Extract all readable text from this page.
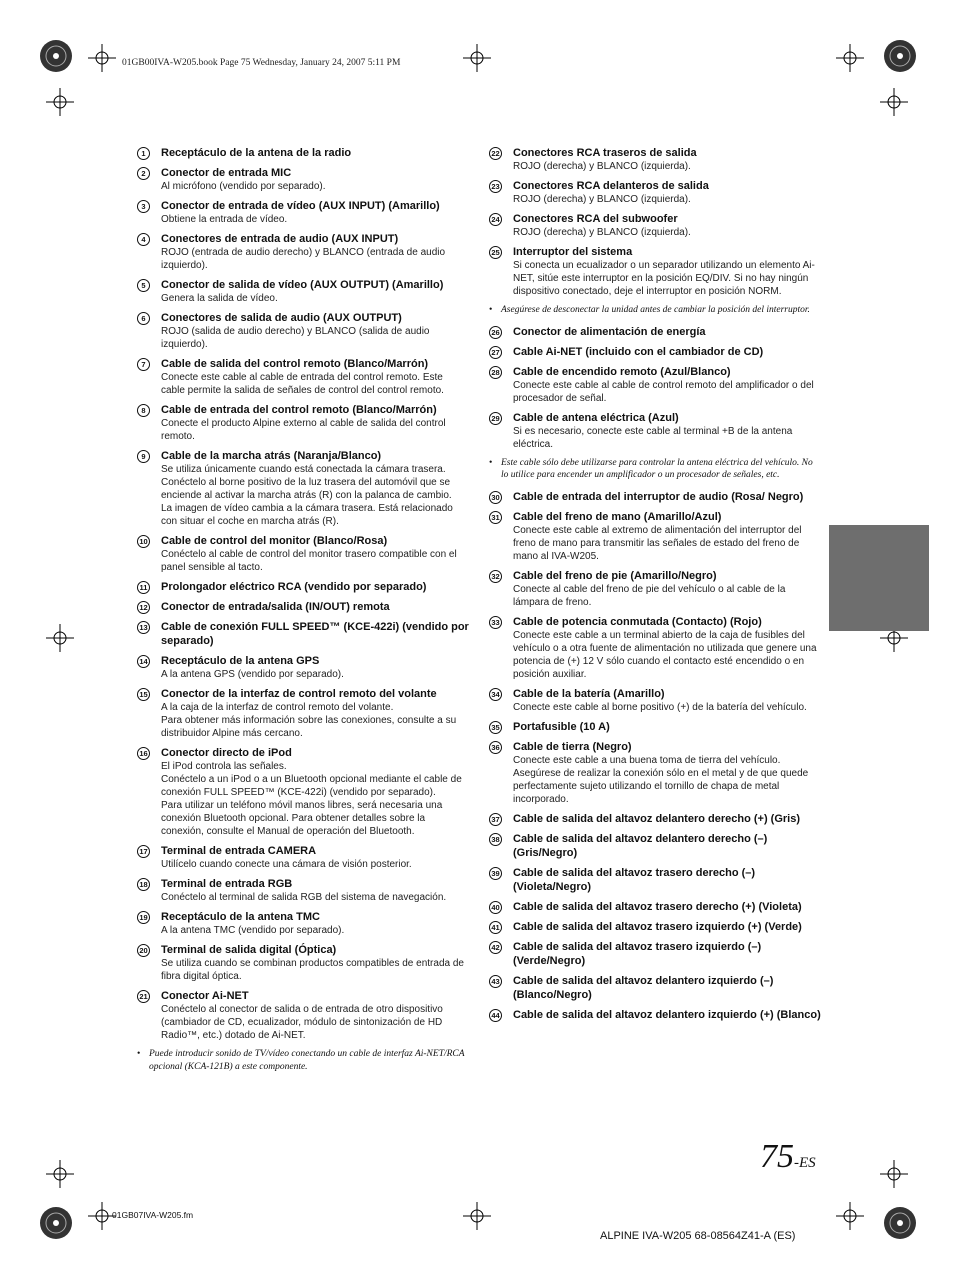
01GB00IVA-W205.book Page 75 Wednesday, January 24, 2007 5:11 PM
1	Receptáculo de la antena de la radio
2	Conector de entrada MIC
Al micrófono (vendido por separado).
3	Conector de entrada de vídeo (AUX INPUT) (Amarillo)
Obtiene la entrada de vídeo.
4	Conectores de entrada de audio (AUX INPUT)
ROJO (entrada de audio derecho) y BLANCO (entrada de audio izquierdo).
5	Conector de salida de vídeo (AUX OUTPUT) (Amarillo)
Genera la salida de vídeo.
6	Conectores de salida de audio (AUX OUTPUT)
ROJO (salida de audio derecho) y BLANCO (salida de audio izquierdo).
7	Cable de salida del control remoto (Blanco/Marrón)
Conecte este cable al cable de entrada del control remoto. Este cable permite la salida de señales de control del control remoto.
8	Cable de entrada del control remoto (Blanco/Marrón)
Conecte el producto Alpine externo al cable de salida del control remoto.
9	Cable de la marcha atrás (Naranja/Blanco)
Se utiliza únicamente cuando está conectada la cámara trasera. Conéctelo al borne positivo de la luz trasera del automóvil que se enciende al activar la marcha atrás (R) con la palanca de cambio.
La imagen de vídeo cambia a la cámara trasera. Está relacionado con situar el coche en marcha atrás (R).
10 Cable de control del monitor (Blanco/Rosa)
Conéctelo al cable de control del monitor trasero compatible con el panel sensible al tacto.
11 Prolongador eléctrico RCA (vendido por separado)
12 Conector de entrada/salida (IN/OUT) remota
13 Cable de conexión FULL SPEED™ (KCE-422i) (vendido por separado)
14 Receptáculo de la antena GPS
A la antena GPS (vendido por separado).
15 Conector de la interfaz de control remoto del volante
A la caja de la interfaz de control remoto del volante.
Para obtener más información sobre las conexiones, consulte a su distribuidor Alpine más cercano.
16 Conector directo de iPod
El iPod controla las señales.
Conéctelo a un iPod o a un Bluetooth opcional mediante el cable de conexión FULL SPEED™ (KCE-422i) (vendido por separado).
Para utilizar un teléfono móvil manos libres, será necesaria una conexión Bluetooth opcional. Para obtener detalles sobre la conexión, consulte el Manual de operación del Bluetooth.
17 Terminal de entrada CAMERA
Utilícelo cuando conecte una cámara de visión posterior.
18 Terminal de entrada RGB
Conéctelo al terminal de salida RGB del sistema de navegación.
19 Receptáculo de la antena TMC
A la antena TMC (vendido por separado).
20 Terminal de salida digital (Óptica)
Se utiliza cuando se combinan productos compatibles de entrada de fibra digital óptica.
21 Conector Ai-NET
Conéctelo al conector de salida o de entrada de otro dispositivo (cambiador de CD, ecualizador, módulo de sintonización de HD Radio™, etc.) dotado de Ai-NET.
• Puede introducir sonido de TV/vídeo conectando un cable de interfaz Ai-NET/RCA opcional (KCA-121B) a este componente.
22 Conectores RCA traseros de salida
ROJO (derecha) y BLANCO (izquierda).
23 Conectores RCA delanteros de salida
ROJO (derecha) y BLANCO (izquierda).
24 Conectores RCA del subwoofer
ROJO (derecha) y BLANCO (izquierda).
25 Interruptor del sistema
Si conecta un ecualizador o un separador utilizando un elemento Ai-NET, sitúe este interruptor en la posición EQ/DIV. Si no hay ningún dispositivo conectado, deje el interruptor en posición NORM.
• Asegúrese de desconectar la unidad antes de cambiar la posición del interruptor.
26 Conector de alimentación de energía
27 Cable Ai-NET (incluido con el cambiador de CD)
28 Cable de encendido remoto (Azul/Blanco)
Conecte este cable al cable de control remoto del amplificador o del procesador de señal.
29 Cable de antena eléctrica (Azul)
Si es necesario, conecte este cable al terminal +B de la antena eléctrica.
• Este cable sólo debe utilizarse para controlar la antena eléctrica del vehículo. No lo utilice para encender un amplificador o un procesador de señales, etc.
30 Cable de entrada del interruptor de audio (Rosa/ Negro)
31 Cable del freno de mano (Amarillo/Azul)
Conecte este cable al extremo de alimentación del interruptor del freno de mano para transmitir las señales de estado del freno de mano al IVA-W205.
32 Cable del freno de pie (Amarillo/Negro)
Conecte al cable del freno de pie del vehículo o al cable de la lámpara de freno.
33 Cable de potencia conmutada (Contacto) (Rojo)
Conecte este cable a un terminal abierto de la caja de fusibles del vehículo o a otra fuente de alimentación no utilizada que genere una potencia de (+) 12 V sólo cuando el contacto esté encendido o en posición auxiliar.
34 Cable de la batería (Amarillo)
Conecte este cable al borne positivo (+) de la batería del vehículo.
35 Portafusible (10 A)
36 Cable de tierra (Negro)
Conecte este cable a una buena toma de tierra del vehículo. Asegúrese de realizar la conexión sólo en el metal y de que quede perfectamente sujeto utilizando el tornillo de chapa de metal incorporado.
37 Cable de salida del altavoz delantero derecho (+) (Gris)
38 Cable de salida del altavoz delantero derecho (–) (Gris/Negro)
39 Cable de salida del altavoz trasero derecho (–) (Violeta/Negro)
40 Cable de salida del altavoz trasero derecho (+) (Violeta)
41 Cable de salida del altavoz trasero izquierdo (+) (Verde)
42 Cable de salida del altavoz trasero izquierdo (–) (Verde/Negro)
43 Cable de salida del altavoz delantero izquierdo (–) (Blanco/Negro)
44 Cable de salida del altavoz delantero izquierdo (+) (Blanco)
75-ES
01GB07IVA-W205.fm
ALPINE IVA-W205 68-08564Z41-A (ES)
